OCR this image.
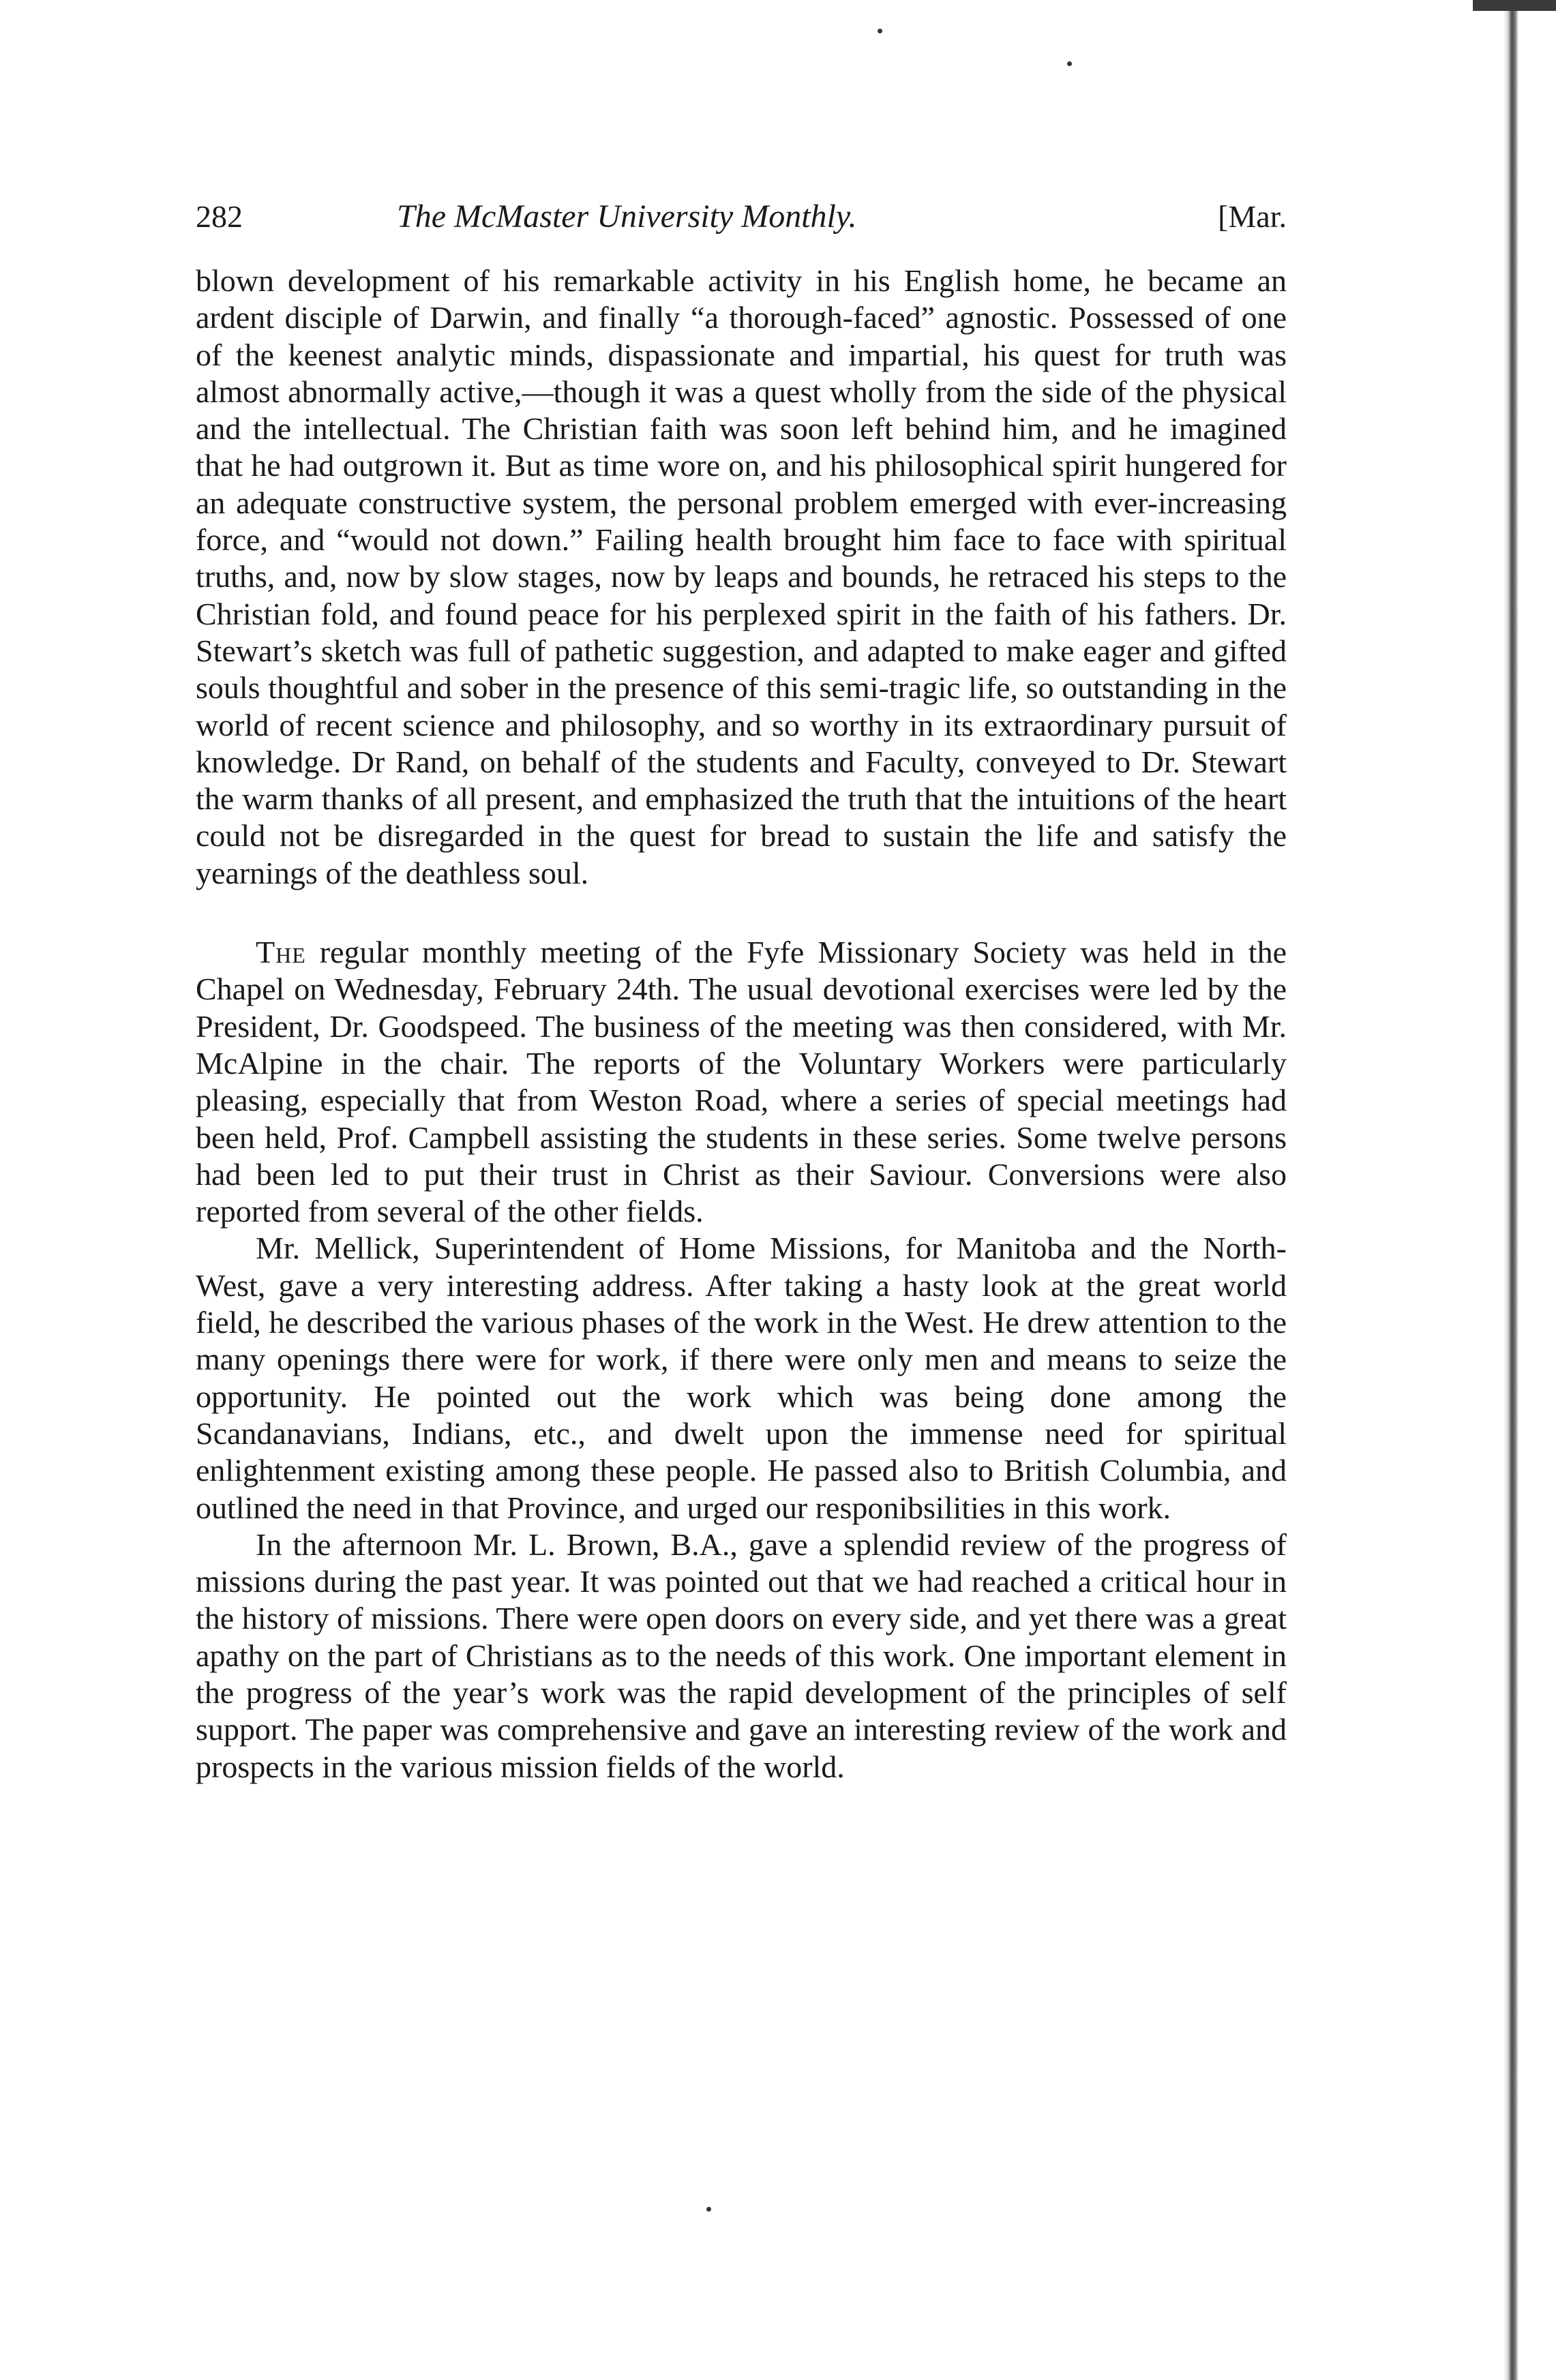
282	The McMaster University Monthly.	[Mar.

blown development of his remarkable activity in his English home, he became an ardent disciple of Darwin, and finally “a thorough-faced” agnostic. Possessed of one of the keenest analytic minds, dispassionate and impartial, his quest for truth was almost abnormally active,—though it was a quest wholly from the side of the physical and the intellectual. The Christian faith was soon left behind him, and he imagined that he had outgrown it. But as time wore on, and his philosophical spirit hungered for an adequate constructive system, the personal problem emerged with ever-increasing force, and “would not down.” Failing health brought him face to face with spiritual truths, and, now by slow stages, now by leaps and bounds, he retraced his steps to the Christian fold, and found peace for his perplexed spirit in the faith of his fathers. Dr. Stewart’s sketch was full of pathetic suggestion, and adapted to make eager and gifted souls thoughtful and sober in the presence of this semi-tragic life, so outstanding in the world of recent science and philosophy, and so worthy in its extraordinary pursuit of knowledge. Dr Rand, on behalf of the students and Faculty, conveyed to Dr. Stewart the warm thanks of all present, and emphasized the truth that the intuitions of the heart could not be disregarded in the quest for bread to sustain the life and satisfy the yearnings of the deathless soul.

The regular monthly meeting of the Fyfe Missionary Society was held in the Chapel on Wednesday, February 24th. The usual devotional exercises were led by the President, Dr. Goodspeed. The business of the meeting was then considered, with Mr. McAlpine in the chair. The reports of the Voluntary Workers were particularly pleasing, especially that from Weston Road, where a series of special meetings had been held, Prof. Campbell assisting the students in these series. Some twelve persons had been led to put their trust in Christ as their Saviour. Conversions were also reported from several of the other fields.

Mr. Mellick, Superintendent of Home Missions, for Manitoba and the North-West, gave a very interesting address. After taking a hasty look at the great world field, he described the various phases of the work in the West. He drew attention to the many openings there were for work, if there were only men and means to seize the opportunity. He pointed out the work which was being done among the Scandanavians, Indians, etc., and dwelt upon the immense need for spiritual enlightenment existing among these people. He passed also to British Columbia, and outlined the need in that Province, and urged our responibsilities in this work.

In the afternoon Mr. L. Brown, B.A., gave a splendid review of the progress of missions during the past year. It was pointed out that we had reached a critical hour in the history of missions. There were open doors on every side, and yet there was a great apathy on the part of Christians as to the needs of this work. One important element in the progress of the year’s work was the rapid development of the principles of self support. The paper was comprehensive and gave an interesting review of the work and prospects in the various mission fields of the world.
